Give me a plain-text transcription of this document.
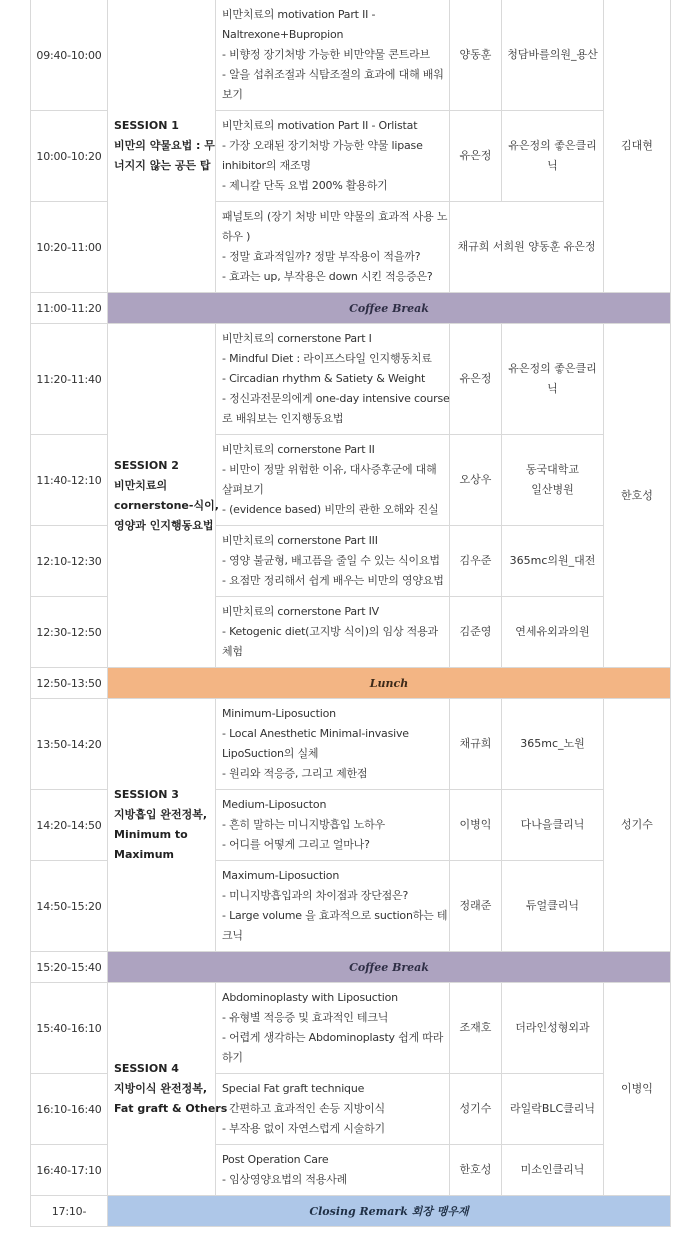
09:40-10:00	SESSION 1
비만의 약물요법 : 무
너지지 않는 공든 탑	비만치료의 motivation Part II -
Naltrexone+Bupropion
- 비향정 장기처방 가능한 비만약물 콘트라브
- 알을 섭취조절과 식탐조절의 효과에 대해 배워
보기	양동훈	청담바를의원_용산	김대현
10:00-10:20		비만치료의 motivation Part II - Orlistat
- 가장 오래된 장기처방 가능한 약물 lipase
inhibitor의 재조명
- 제니칼 단독 요법 200% 활용하기	유은정	유은정의 좋은클리
닉	

10:20-11:00		패널토의 (장기 처방 비만 약물의 효과적 사용 노
하우 )
- 정말 효과적일까? 정말 부작용이 적을까?
- 효과는 up, 부작용은 down 시킨 적응증은?	채규희 서희원 양동훈 유은정		
11:00-11:20	Coffee Break				
11:20-11:40	SESSION 2
비만치료의
cornerstone-식이,
영양과 인지행동요법	비만치료의 cornerstone Part I
- Mindful Diet : 라이프스타일 인지행동치료
- Circadian rhythm & Satiety & Weight
- 정신과전문의에게 one-day intensive course
로 배워보는 인지행동요법	유은정	유은정의 좋은클리
닉	한호성
11:40-12:10		비만치료의 cornerstone Part II
- 비만이 정말 위험한 이유, 대사증후군에 대해
살펴보기
- (evidence based) 비만의 관한 오해와 진실	오상우	동국대학교
일산병원	

12:10-12:30		비만치료의 cornerstone Part III
- 영양 불균형, 배고픔을 줄일 수 있는 식이요법
- 요점만 정리해서 쉽게 배우는 비만의 영양요법	김우준	365mc의원_대전	

12:30-12:50		비만치료의 cornerstone Part IV
- Ketogenic diet(고지방 식이)의 임상 적용과
체험	김준영	연세유외과의원	

12:50-13:50	Lunch				
13:50-14:20	SESSION 3
지방흡입 완전정복,
Minimum to
Maximum	Minimum-Liposuction
- Local Anesthetic Minimal-invasive
LipoSuction의 실체
- 원리와 적응증, 그리고 제한점	채규희	365mc_노원	성기수
14:20-14:50		Medium-Liposucton
- 흔히 말하는 미니지방흡입 노하우
- 어디를 어떻게 그리고 얼마나?	이병익	다나을클리닉	

14:50-15:20		Maximum-Liposuction
- 미니지방흡입과의 차이점과 장단점은?
- Large volume 을 효과적으로 suction하는 테
크닉	정래준	듀얼클리닉	

15:20-15:40	Coffee Break				
15:40-16:10	SESSION 4
지방이식 완전정복,
Fat graft & Others	Abdominoplasty with Liposuction
- 유형별 적응증 및 효과적인 테크닉
- 어렵게 생각하는 Abdominoplasty 쉽게 따라
하기	조재호	더라인성형외과	이병익
16:10-16:40		Special Fat graft technique
- 간편하고 효과적인 손등 지방이식
- 부작용 없이 자연스럽게 시술하기	성기수	라일락BLC클리닉	

16:40-17:10		Post Operation Care
- 임상영양요법의 적용사례	한호성	미소인클리닉	

17:10-	Closing Remark 회장 맹우재				
